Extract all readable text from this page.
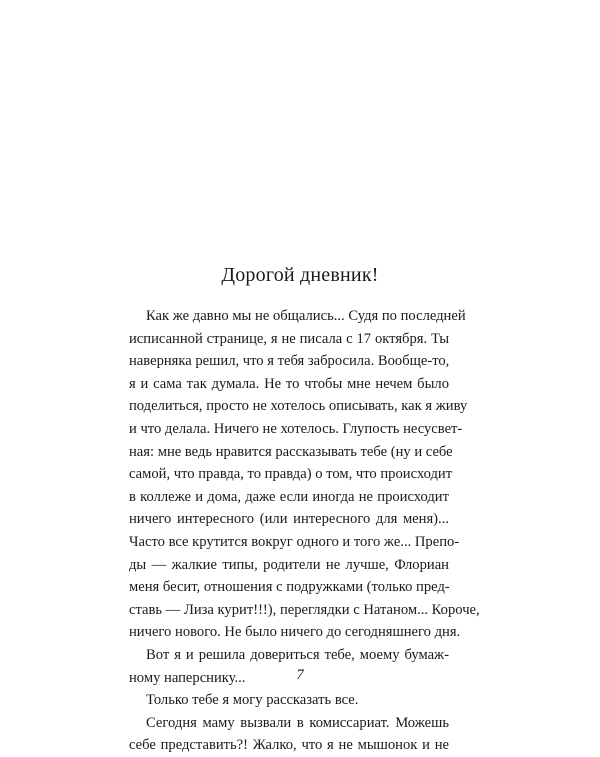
Дорогой дневник!
Как же давно мы не общались... Судя по последней
исписанной странице, я не писала с 17 октября. Ты
наверняка решил, что я тебя забросила. Вообще-то,
я и сама так думала. Не то чтобы мне нечем было
поделиться, просто не хотелось описывать, как я живу
и что делала. Ничего не хотелось. Глупость несусвет-
ная: мне ведь нравится рассказывать тебе (ну и себе
самой, что правда, то правда) о том, что происходит
в коллеже и дома, даже если иногда не происходит
ничего интересного (или интересного для меня)...
Часто все крутится вокруг одного и того же... Препо-
ды — жалкие типы, родители не лучше, Флориан
меня бесит, отношения с подружками (только пред-
ставь — Лиза курит!!!), переглядки с Натаном... Короче,
ничего нового. Не было ничего до сегодняшнего дня.
Вот я и решила довериться тебе, моему бумаж-
ному наперснику...
Только тебе я могу рассказать все.
Сегодня маму вызвали в комиссариат. Можешь
себе представить?! Жалко, что я не мышонок и не
7
